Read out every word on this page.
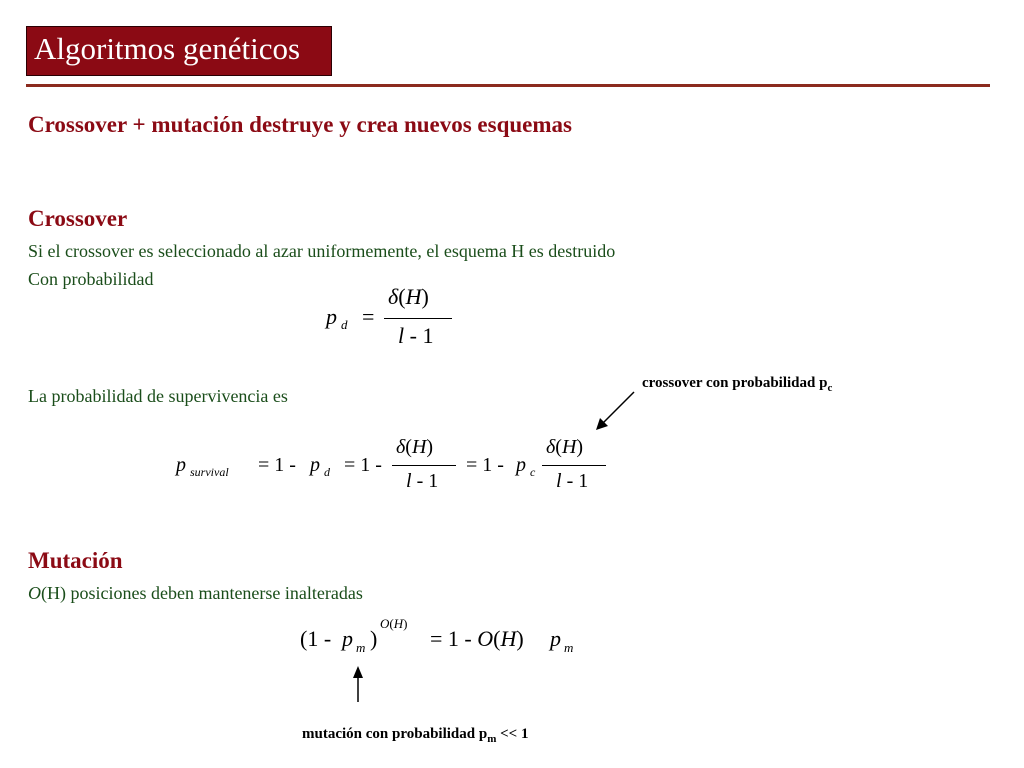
Algoritmos genéticos
Crossover + mutación destruye y crea nuevos esquemas
Crossover
Si el crossover es seleccionado al azar uniformemente, el esquema H es destruido
Con probabilidad
p d =
δ(H)
l - 1
La probabilidad de supervivencia es
crossover con probabilidad $p_c$
p survival = 1 - p d = 1 -
δ(H)
l - 1
= 1 - p c
δ(H)
l - 1
Mutación
O(H) posiciones deben mantenerse inalteradas
(1 - p m )
O(H)
= 1 - O(H) p m
mutación con probabilidad $p_m << 1$
